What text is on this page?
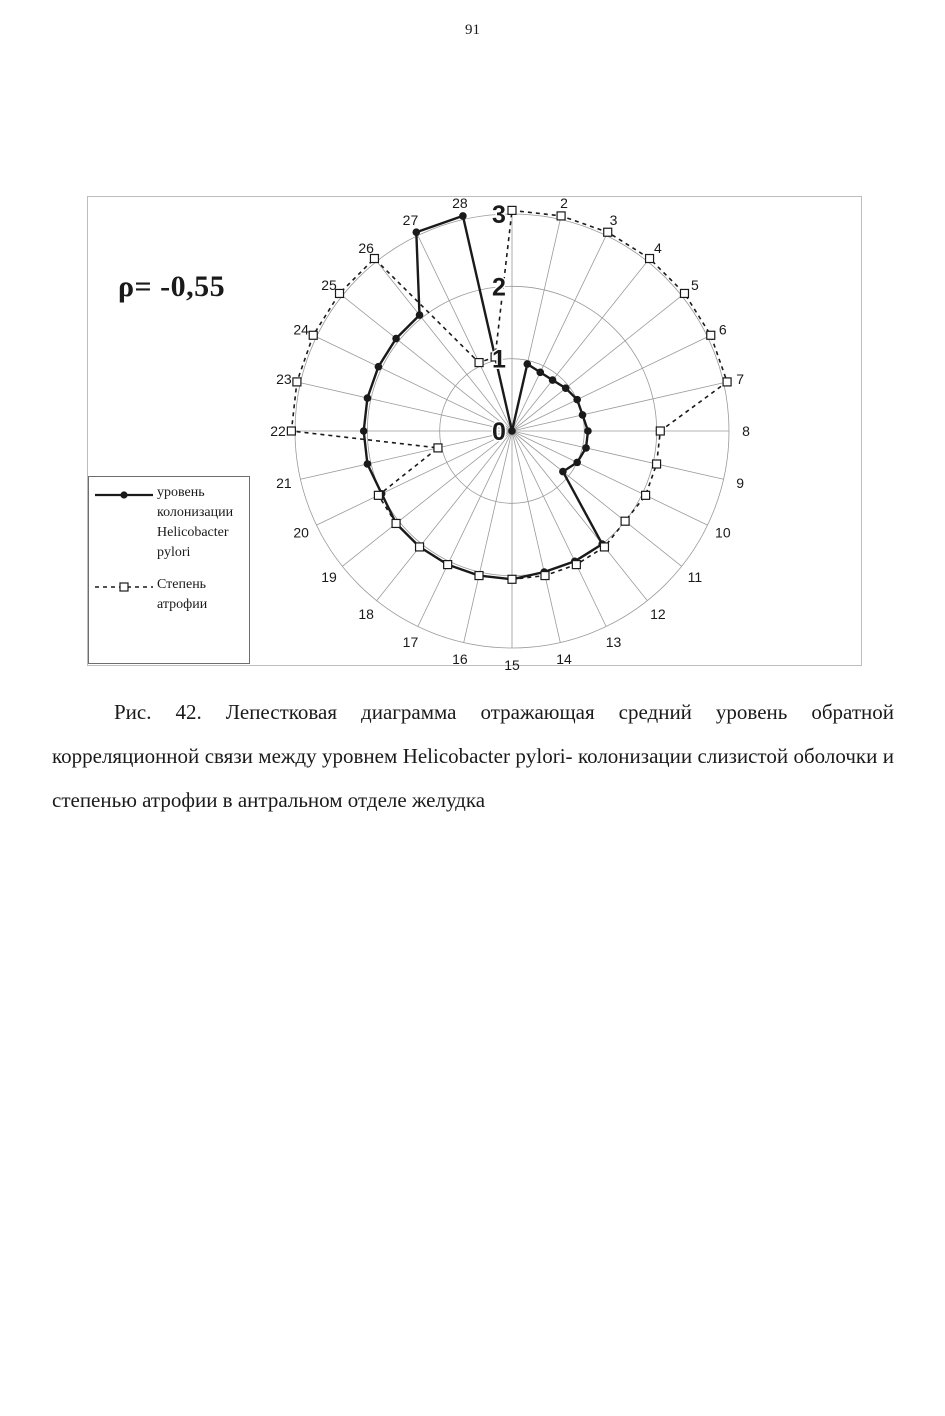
91
2
3
4
5
6
7
8
9
10
11
12
13
14
15
16
17
18
19
20
21
22
23
24
25
26
27
28
0
1
2
3
ρ= -0,55
уровень
колонизации
Helicobacter
pylori
Степень
атрофии
Рис. 42. Лепестковая диаграмма отражающая средний уровень обратной корреляционной связи между уровнем Helicobacter pylori- колонизации слизистой оболочки и степенью атрофии в антральном отделе желудка
